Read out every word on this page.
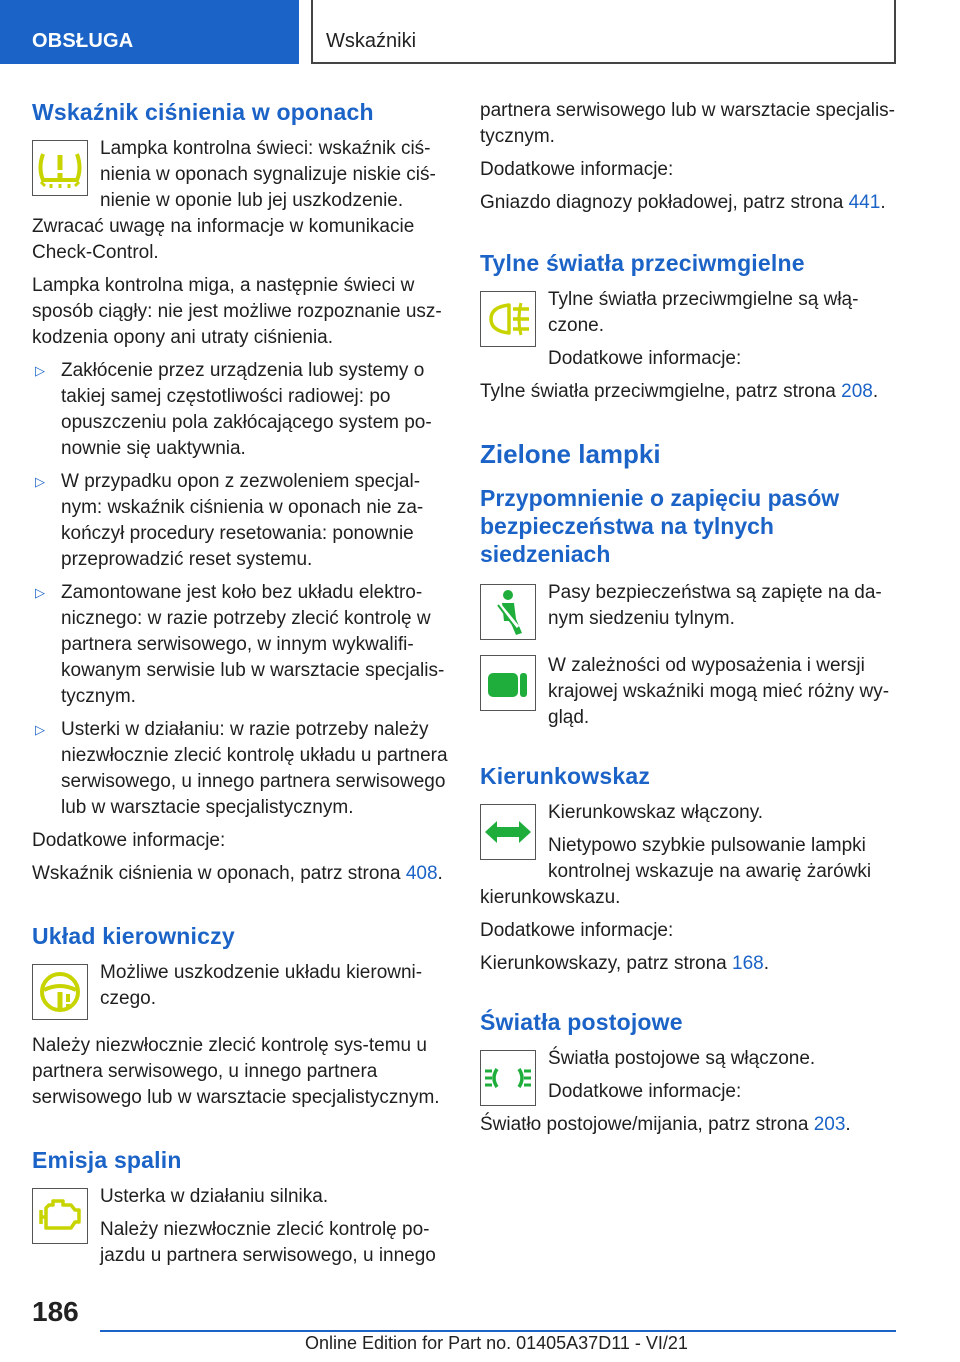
OBSŁUGA	Wskaźniki
Wskaźnik ciśnienia w oponach
Lampka kontrolna świeci: wskaźnik ciś-nienia w oponach sygnalizuje niskie ciś-nienie w oponie lub jej uszkodzenie. Zwracać uwagę na informacje w komunikacie Check-Control.
Lampka kontrolna miga, a następnie świeci w sposób ciągły: nie jest możliwe rozpoznanie usz-kodzenia opony ani utraty ciśnienia.
▷ Zakłócenie przez urządzenia lub systemy o takiej samej częstotliwości radiowej: po opuszczeniu pola zakłócającego system po-nownie się uaktywnia.
▷ W przypadku opon z zezwoleniem specjal-nym: wskaźnik ciśnienia w oponach nie za-kończył procedury resetowania: ponownie przeprowadzić reset systemu.
▷ Zamontowane jest koło bez układu elektro-nicznego: w razie potrzeby zlecić kontrolę w partnera serwisowego, w innym wykwalifi-kowanym serwisie lub w warsztacie specjalis-tycznym.
▷ Usterki w działaniu: w razie potrzeby należy niezwłocznie zlecić kontrolę układu u partnera serwisowego, u innego partnera serwisowego lub w warsztacie specjalistycznym.
Dodatkowe informacje:
Wskaźnik ciśnienia w oponach, patrz strona 408.
Układ kierowniczy
Możliwe uszkodzenie układu kierowni-czego.
Należy niezwłocznie zlecić kontrolę sys-temu u partnera serwisowego, u innego partnera serwisowego lub w warsztacie specjalistycznym.
Emisja spalin
Usterka w działaniu silnika.

Należy niezwłocznie zlecić kontrolę po-jazdu u partnera serwisowego, u innego
partnera serwisowego lub w warsztacie specjalis-tycznym.
Dodatkowe informacje:
Gniazdo diagnozy pokładowej, patrz strona 441.
Tylne światła przeciwmgielne
Tylne światła przeciwmgielne są włą-czone.

Dodatkowe informacje:
Tylne światła przeciwmgielne, patrz strona 208.
Zielone lampki
Przypomnienie o zapięciu pasów bezpieczeństwa na tylnych siedzeniach
Pasy bezpieczeństwa są zapięte na da-nym siedzeniu tylnym.
W zależności od wyposażenia i wersji krajowej wskaźniki mogą mieć różny wy-gląd.
Kierunkowskaz
Kierunkowskaz włączony.

Nietypowo szybkie pulsowanie lampki kontrolnej wskazuje na awarię żarówki kierunkowskazu.
Dodatkowe informacje:
Kierunkowskazy, patrz strona 168.
Światła postojowe
Światła postojowe są włączone.

Dodatkowe informacje:
Światło postojowe/mijania, patrz strona 203.
186
Online Edition for Part no. 01405A37D11 - VI/21
